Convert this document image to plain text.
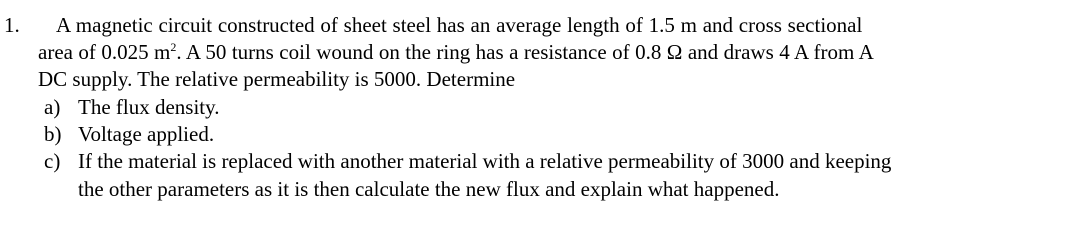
1. A magnetic circuit constructed of sheet steel has an average length of 1.5 m and cross sectional
area of 0.025 $m^2$. A 50 turns coil wound on the ring has a resistance of 0.8 Ω and draws 4 A from A
DC supply. The relative permeability is 5000. Determine
a) The flux density.
b) Voltage applied.
c) If the material is replaced with another material with a relative permeability of 3000 and keeping
the other parameters as it is then calculate the new flux and explain what happened.
